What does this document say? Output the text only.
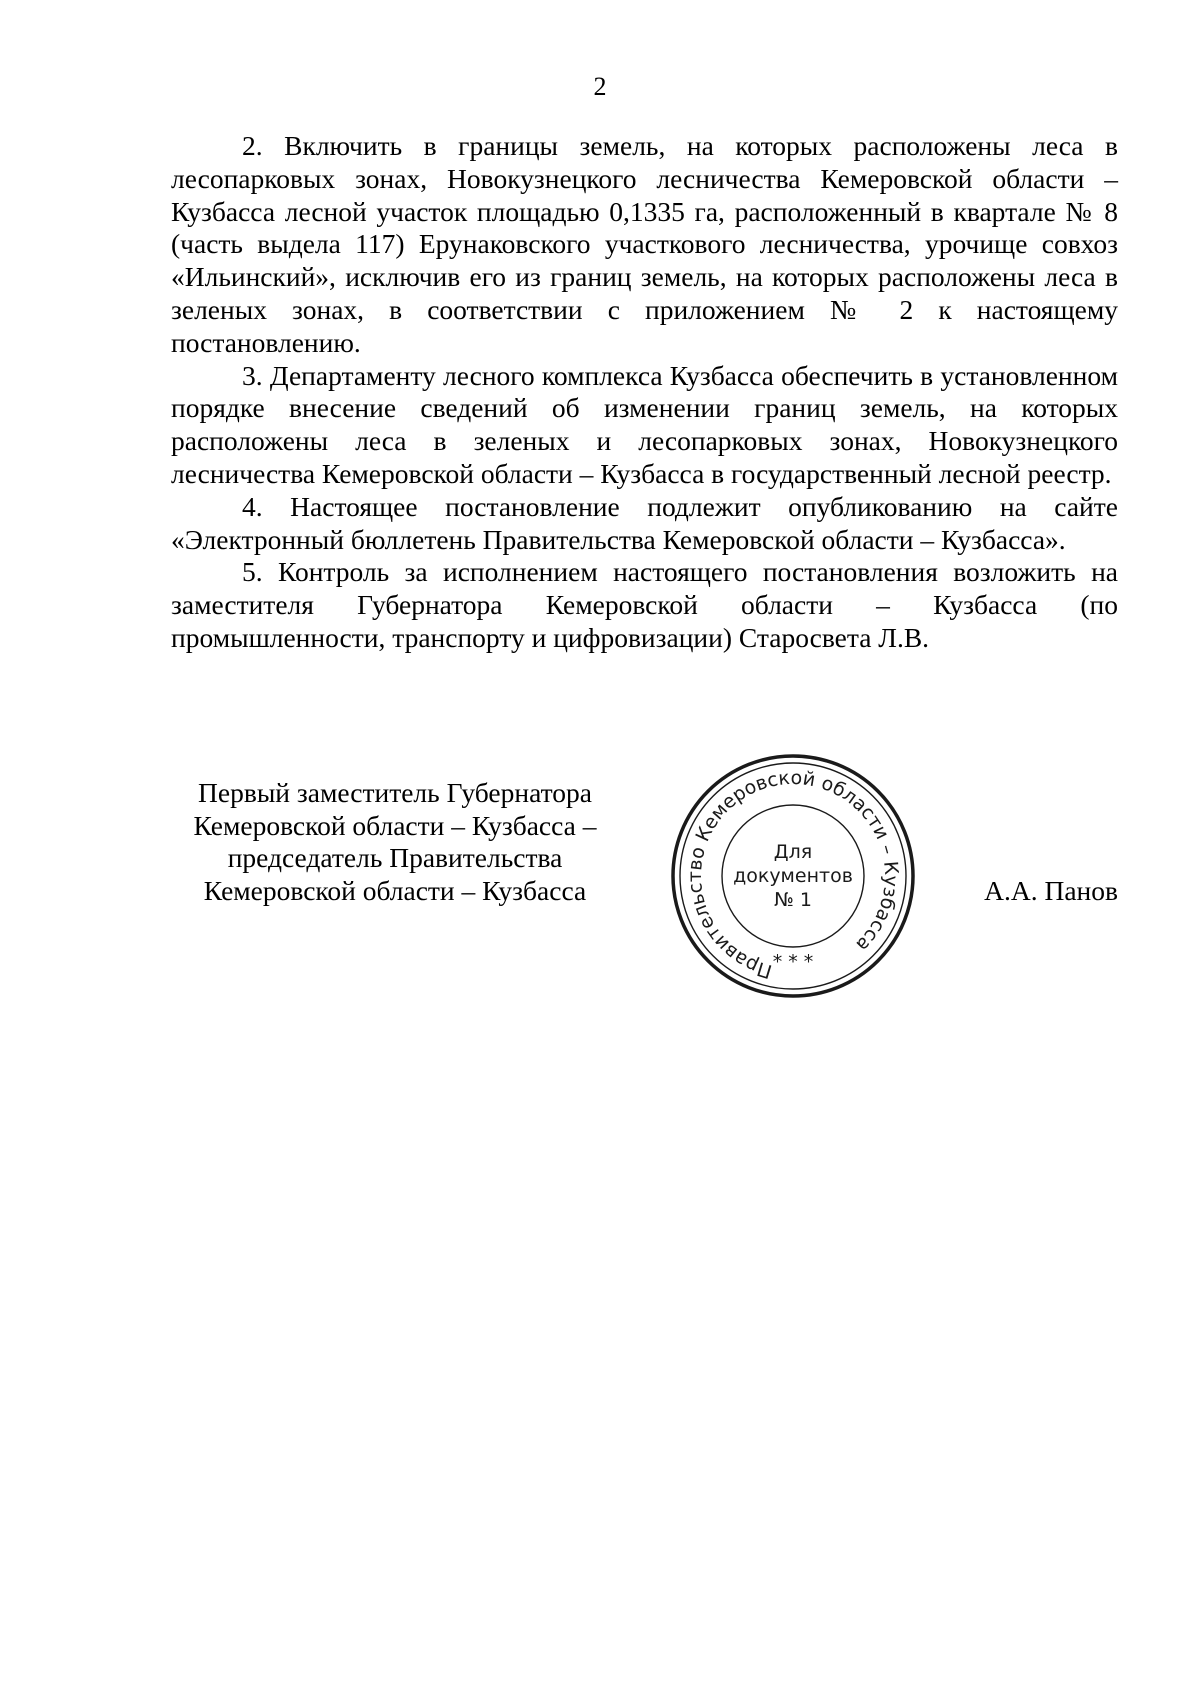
2

2. Включить в границы земель, на которых расположены леса в лесопарковых зонах, Новокузнецкого лесничества Кемеровской области – Кузбасса лесной участок площадью 0,1335 га, расположенный в квартале № 8 (часть выдела 117) Ерунаковского участкового лесничества, урочище совхоз «Ильинский», исключив его из границ земель, на которых расположены леса в зеленых зонах, в соответствии с приложением № 2 к настоящему постановлению.

3. Департаменту лесного комплекса Кузбасса обеспечить в установленном порядке внесение сведений об изменении границ земель, на которых расположены леса в зеленых и лесопарковых зонах, Новокузнецкого лесничества Кемеровской области – Кузбасса в государственный лесной реестр.

4. Настоящее постановление подлежит опубликованию на сайте «Электронный бюллетень Правительства Кемеровской области – Кузбасса».

5. Контроль за исполнением настоящего постановления возложить на заместителя Губернатора Кемеровской области – Кузбасса (по промышленности, транспорту и цифровизации) Старосвета Л.В.

Первый заместитель Губернатора
Кемеровской области – Кузбасса –
председатель Правительства
Кемеровской области – Кузбасса
Правительство Кемеровской области – Кузбасса
* * *
Для
документов
№ 1	А.А. Панов
